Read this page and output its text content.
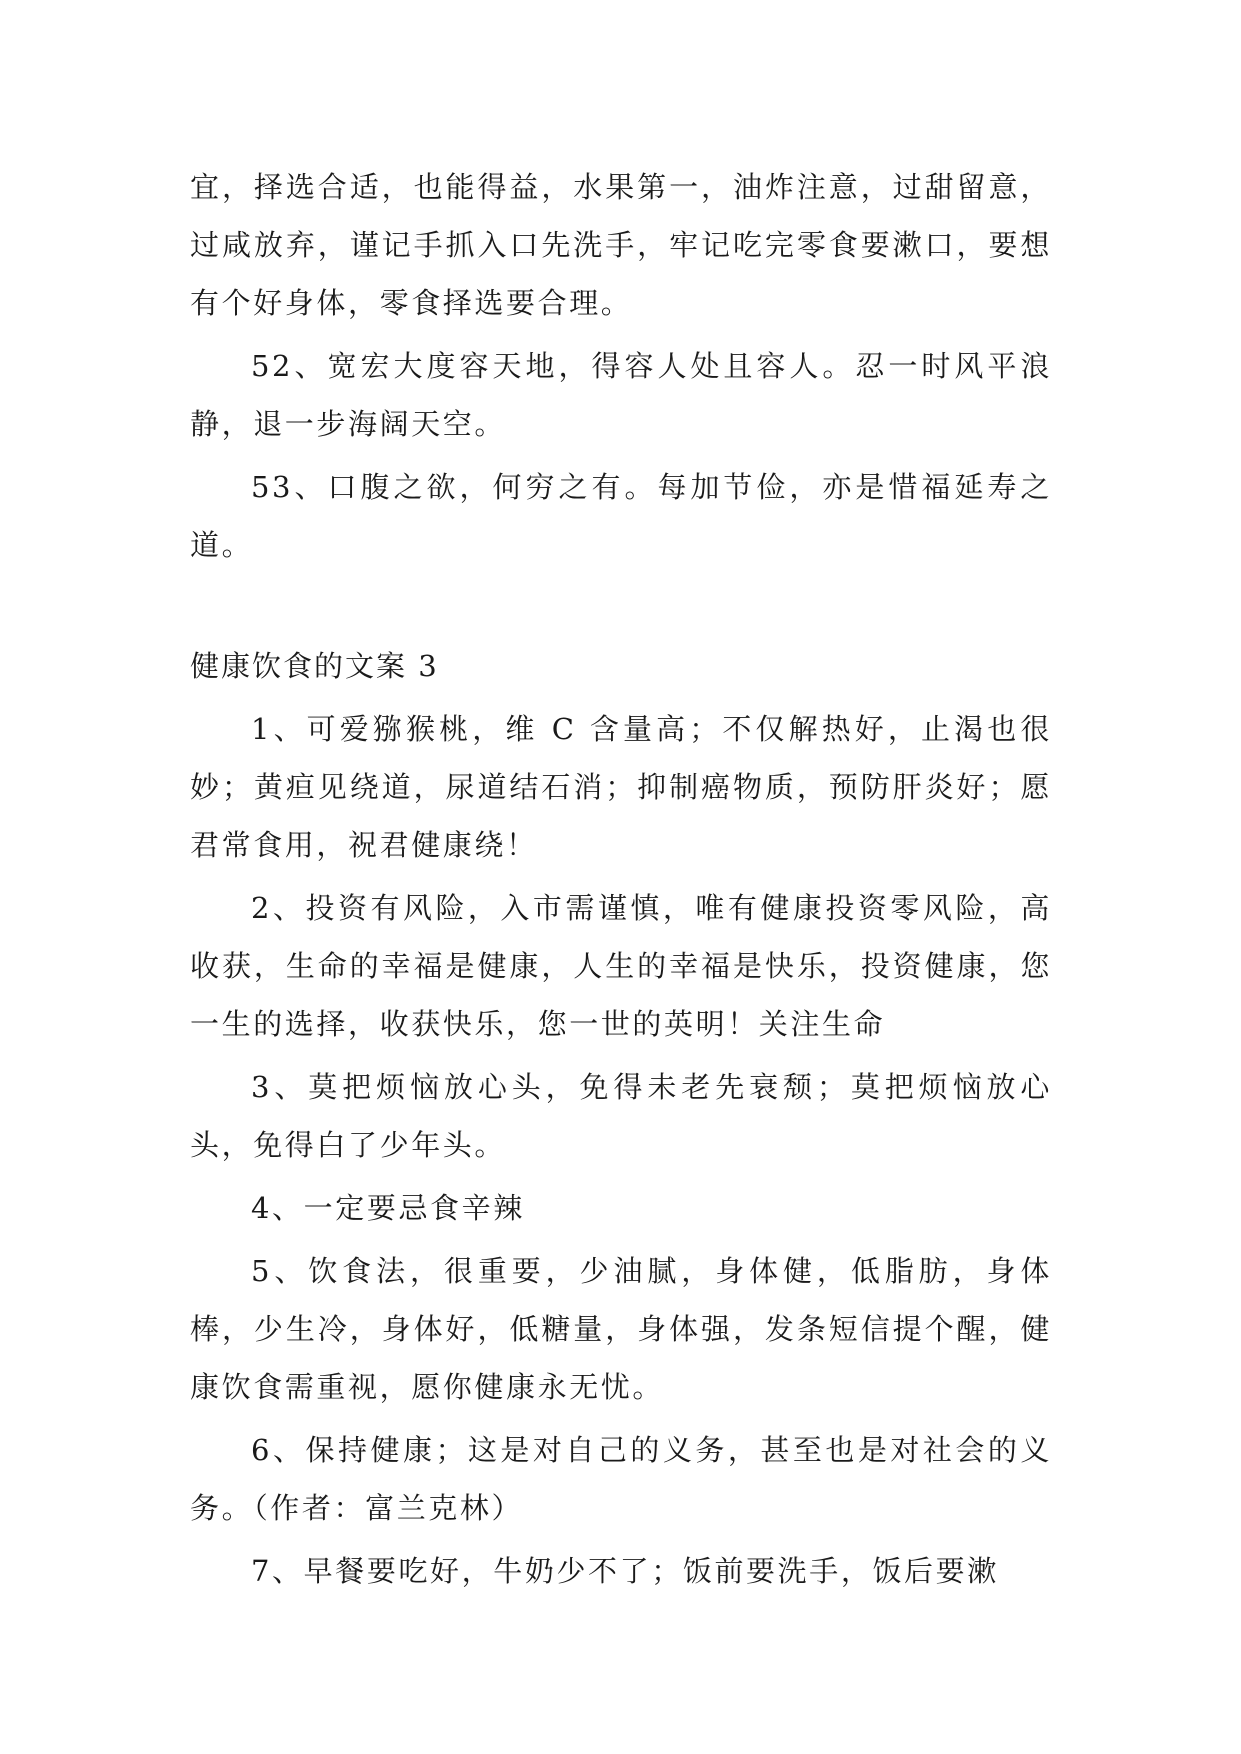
宜，择选合适，也能得益，水果第一，油炸注意，过甜留意，过咸放弃，谨记手抓入口先洗手，牢记吃完零食要漱口，要想有个好身体，零食择选要合理。

52、宽宏大度容天地，得容人处且容人。忍一时风平浪静，退一步海阔天空。

53、口腹之欲，何穷之有。每加节俭，亦是惜福延寿之道。

健康饮食的文案 3

1、可爱猕猴桃，维 C 含量高；不仅解热好，止渴也很妙；黄疸见绕道，尿道结石消；抑制癌物质，预防肝炎好；愿君常食用，祝君健康绕！

2、投资有风险，入市需谨慎，唯有健康投资零风险，高收获，生命的幸福是健康，人生的幸福是快乐，投资健康，您一生的选择，收获快乐，您一世的英明！关注生命

3、莫把烦恼放心头，免得未老先衰颓；莫把烦恼放心头，免得白了少年头。

4、一定要忌食辛辣

5、饮食法，很重要，少油腻，身体健，低脂肪，身体棒，少生冷，身体好，低糖量，身体强，发条短信提个醒，健康饮食需重视，愿你健康永无忧。

6、保持健康；这是对自己的义务，甚至也是对社会的义务。（作者：富兰克林）

7、早餐要吃好，牛奶少不了；饭前要洗手，饭后要漱
